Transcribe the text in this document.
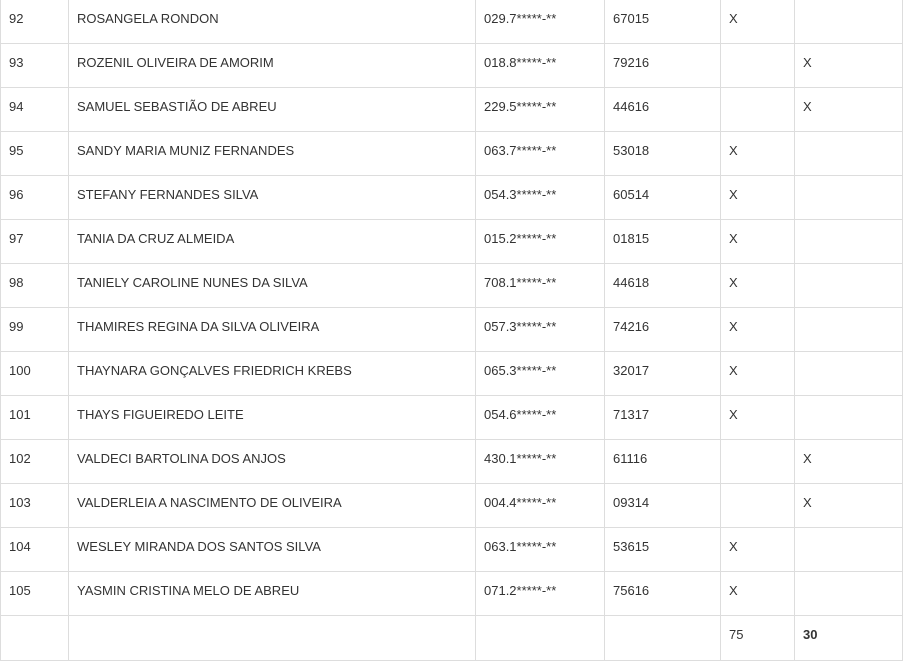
92	ROSANGELA RONDON	029.7*****-**	67015	X	
93	ROZENIL OLIVEIRA DE AMORIM	018.8*****-**	79216		X
94	SAMUEL SEBASTIÃO DE ABREU	229.5*****-**	44616		X
95	SANDY MARIA MUNIZ FERNANDES	063.7*****-**	53018	X	
96	STEFANY FERNANDES SILVA	054.3*****-**	60514	X	
97	TANIA DA CRUZ ALMEIDA	015.2*****-**	01815	X	
98	TANIELY CAROLINE NUNES DA SILVA	708.1*****-**	44618	X	
99	THAMIRES REGINA DA SILVA OLIVEIRA	057.3*****-**	74216	X	
100	THAYNARA GONÇALVES FRIEDRICH KREBS	065.3*****-**	32017	X	
101	THAYS FIGUEIREDO LEITE	054.6*****-**	71317	X	
102	VALDECI BARTOLINA DOS ANJOS	430.1*****-**	61116		X
103	VALDERLEIA A NASCIMENTO DE OLIVEIRA	004.4*****-**	09314		X
104	WESLEY MIRANDA DOS SANTOS SILVA	063.1*****-**	53615	X	
105	YASMIN CRISTINA MELO DE ABREU	071.2*****-**	75616	X	
				75	30
